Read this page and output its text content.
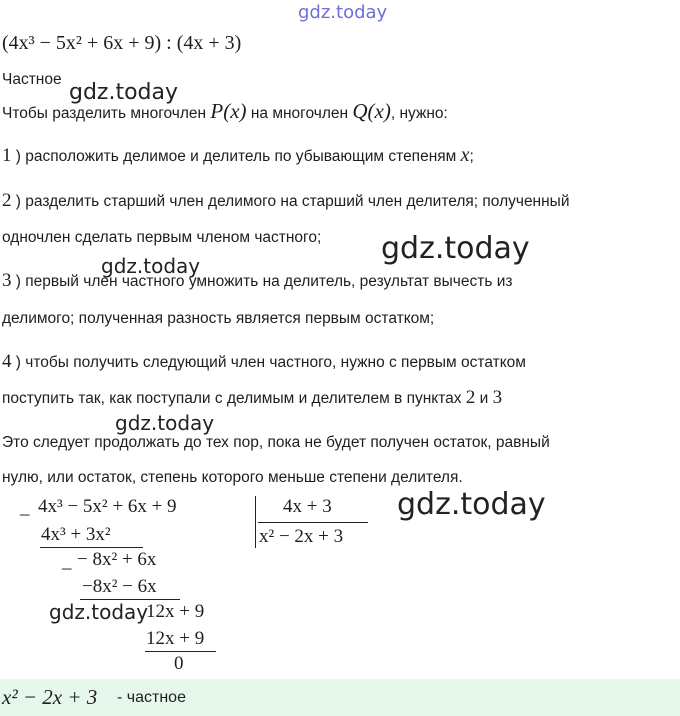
gdz.today
(4x³ − 5x² + 6x + 9) : (4x + 3)
Частное
gdz.today
Чтобы разделить многочлен P(x) на многочлен Q(x), нужно:
1 ) расположить делимое и делитель по убывающим степеням x;
2 ) разделить старший член делимого на старший член делителя; полученный
одночлен сделать первым членом частного; gdz.today
gdz.today
3 ) первый член частного умножить на делитель, результат вычесть из
делимого; полученная разность является первым остатком;
4 ) чтобы получить следующий член частного, нужно с первым остатком
поступить так, как поступали с делимым и делителем в пунктах 2 и 3
gdz.today
Это следует продолжать до тех пор, пока не будет получен остаток, равный
нулю, или остаток, степень которого меньше степени делителя.
_ 4x³ − 5x² + 6x + 9	4x + 3
x² − 2x + 3
4x³ + 3x²
_ − 8x² + 6x
−8x² − 6x
12x + 9
gdz.today
12x + 9
0
gdz.today
x² − 2x + 3 - частное
